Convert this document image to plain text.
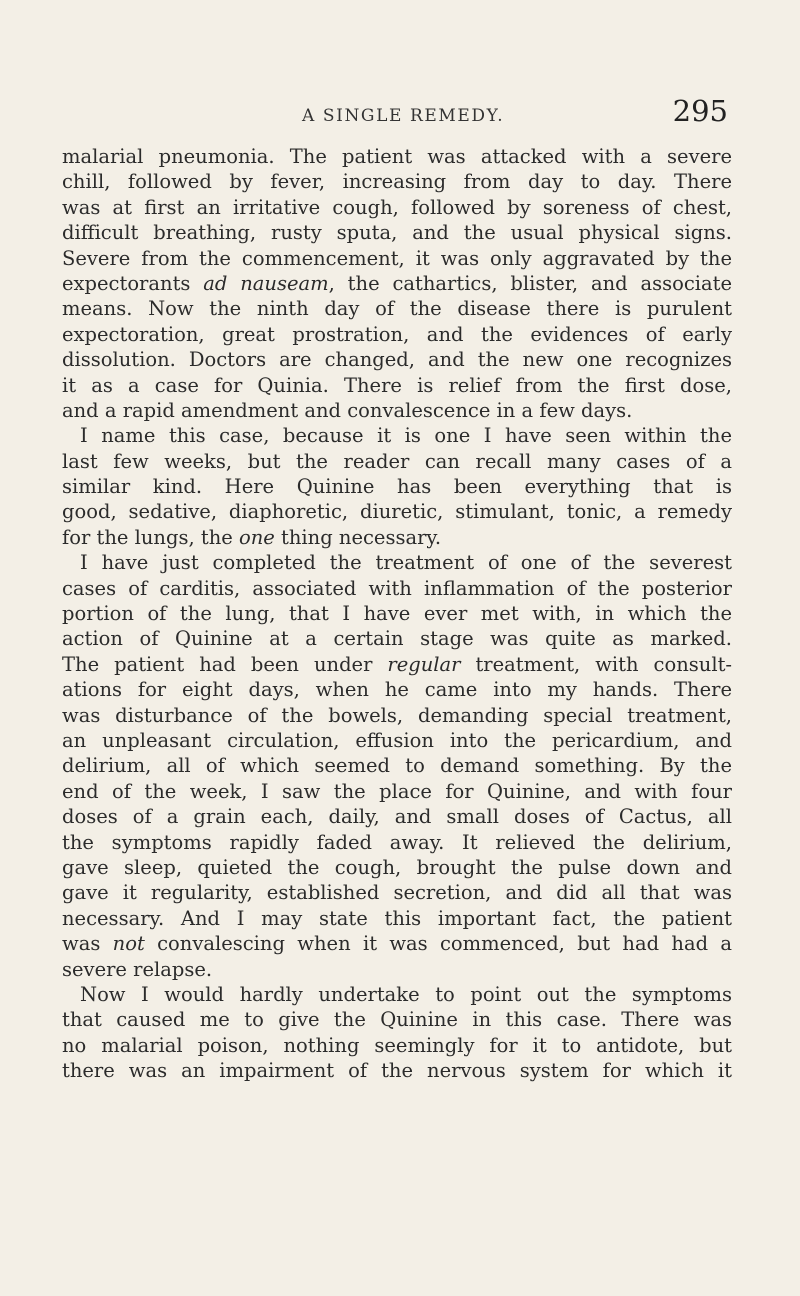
A SINGLE REMEDY.	295
malarial pneumonia. The patient was attacked with a severe
chill, followed by fever, increasing from day to day. There
was at first an irritative cough, followed by soreness of chest,
difficult breathing, rusty sputa, and the usual physical signs.
Severe from the commencement, it was only aggravated by the
expectorants ad nauseam, the cathartics, blister, and associate
means. Now the ninth day of the disease there is purulent
expectoration, great prostration, and the evidences of early
dissolution. Doctors are changed, and the new one recognizes
it as a case for Quinia. There is relief from the first dose,
and a rapid amendment and convalescence in a few days.
I name this case, because it is one I have seen within the
last few weeks, but the reader can recall many cases of a
similar kind. Here Quinine has been everything that is
good, sedative, diaphoretic, diuretic, stimulant, tonic, a remedy
for the lungs, the one thing necessary.
I have just completed the treatment of one of the severest
cases of carditis, associated with inflammation of the posterior
portion of the lung, that I have ever met with, in which the
action of Quinine at a certain stage was quite as marked.
The patient had been under regular treatment, with consult-
ations for eight days, when he came into my hands. There
was disturbance of the bowels, demanding special treatment,
an unpleasant circulation, effusion into the pericardium, and
delirium, all of which seemed to demand something. By the
end of the week, I saw the place for Quinine, and with four
doses of a grain each, daily, and small doses of Cactus, all
the symptoms rapidly faded away. It relieved the delirium,
gave sleep, quieted the cough, brought the pulse down and
gave it regularity, established secretion, and did all that was
necessary. And I may state this important fact, the patient
was not convalescing when it was commenced, but had had a
severe relapse.
Now I would hardly undertake to point out the symptoms
that caused me to give the Quinine in this case. There was
no malarial poison, nothing seemingly for it to antidote, but
there was an impairment of the nervous system for which it
